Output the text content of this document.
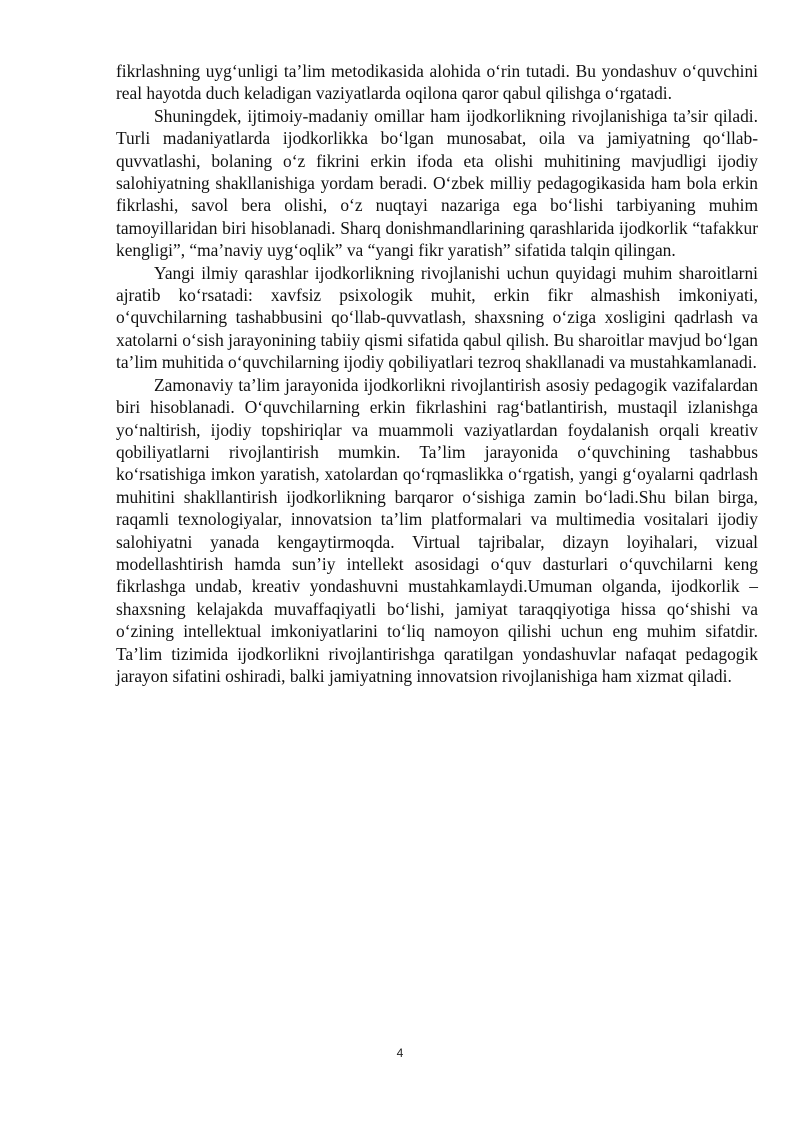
fikrlashning uyg‘unligi ta’lim metodikasida alohida o‘rin tutadi. Bu yondashuv o‘quvchini real hayotda duch keladigan vaziyatlarda oqilona qaror qabul qilishga o‘rgatadi.

Shuningdek, ijtimoiy-madaniy omillar ham ijodkorlikning rivojlanishiga ta’sir qiladi. Turli madaniyatlarda ijodkorlikka bo‘lgan munosabat, oila va jamiyatning qo‘llab-quvvatlashi, bolaning o‘z fikrini erkin ifoda eta olishi muhitining mavjudligi ijodiy salohiyatning shakllanishiga yordam beradi. O‘zbek milliy pedagogikasida ham bola erkin fikrlashi, savol bera olishi, o‘z nuqtayi nazariga ega bo‘lishi tarbiyaning muhim tamoyillaridan biri hisoblanadi. Sharq donishmandlarining qarashlarida ijodkorlik “tafakkur kengligi”, “ma’naviy uyg‘oqlik” va “yangi fikr yaratish” sifatida talqin qilingan.

Yangi ilmiy qarashlar ijodkorlikning rivojlanishi uchun quyidagi muhim sharoitlarni ajratib ko‘rsatadi: xavfsiz psixologik muhit, erkin fikr almashish imkoniyati, o‘quvchilarning tashabbusini qo‘llab-quvvatlash, shaxsning o‘ziga xosligini qadrlash va xatolarni o‘sish jarayonining tabiiy qismi sifatida qabul qilish. Bu sharoitlar mavjud bo‘lgan ta’lim muhitida o‘quvchilarning ijodiy qobiliyatlari tezroq shakllanadi va mustahkamlanadi.

Zamonaviy ta’lim jarayonida ijodkorlikni rivojlantirish asosiy pedagogik vazifalardan biri hisoblanadi. O‘quvchilarning erkin fikrlashini rag‘batlantirish, mustaqil izlanishga yo‘naltirish, ijodiy topshiriqlar va muammoli vaziyatlardan foydalanish orqali kreativ qobiliyatlarni rivojlantirish mumkin. Ta’lim jarayonida o‘quvchining tashabbus ko‘rsatishiga imkon yaratish, xatolardan qo‘rqmaslikka o‘rgatish, yangi g‘oyalarni qadrlash muhitini shakllantirish ijodkorlikning barqaror o‘sishiga zamin bo‘ladi.Shu bilan birga, raqamli texnologiyalar, innovatsion ta’lim platformalari va multimedia vositalari ijodiy salohiyatni yanada kengaytirmoqda. Virtual tajribalar, dizayn loyihalari, vizual modellashtirish hamda sun’iy intellekt asosidagi o‘quv dasturlari o‘quvchilarni keng fikrlashga undab, kreativ yondashuvni mustahkamlaydi.Umuman olganda, ijodkorlik – shaxsning kelajakda muvaffaqiyatli bo‘lishi, jamiyat taraqqiyotiga hissa qo‘shishi va o‘zining intellektual imkoniyatlarini to‘liq namoyon qilishi uchun eng muhim sifatdir. Ta’lim tizimida ijodkorlikni rivojlantirishga qaratilgan yondashuvlar nafaqat pedagogik jarayon sifatini oshiradi, balki jamiyatning innovatsion rivojlanishiga ham xizmat qiladi.

4
